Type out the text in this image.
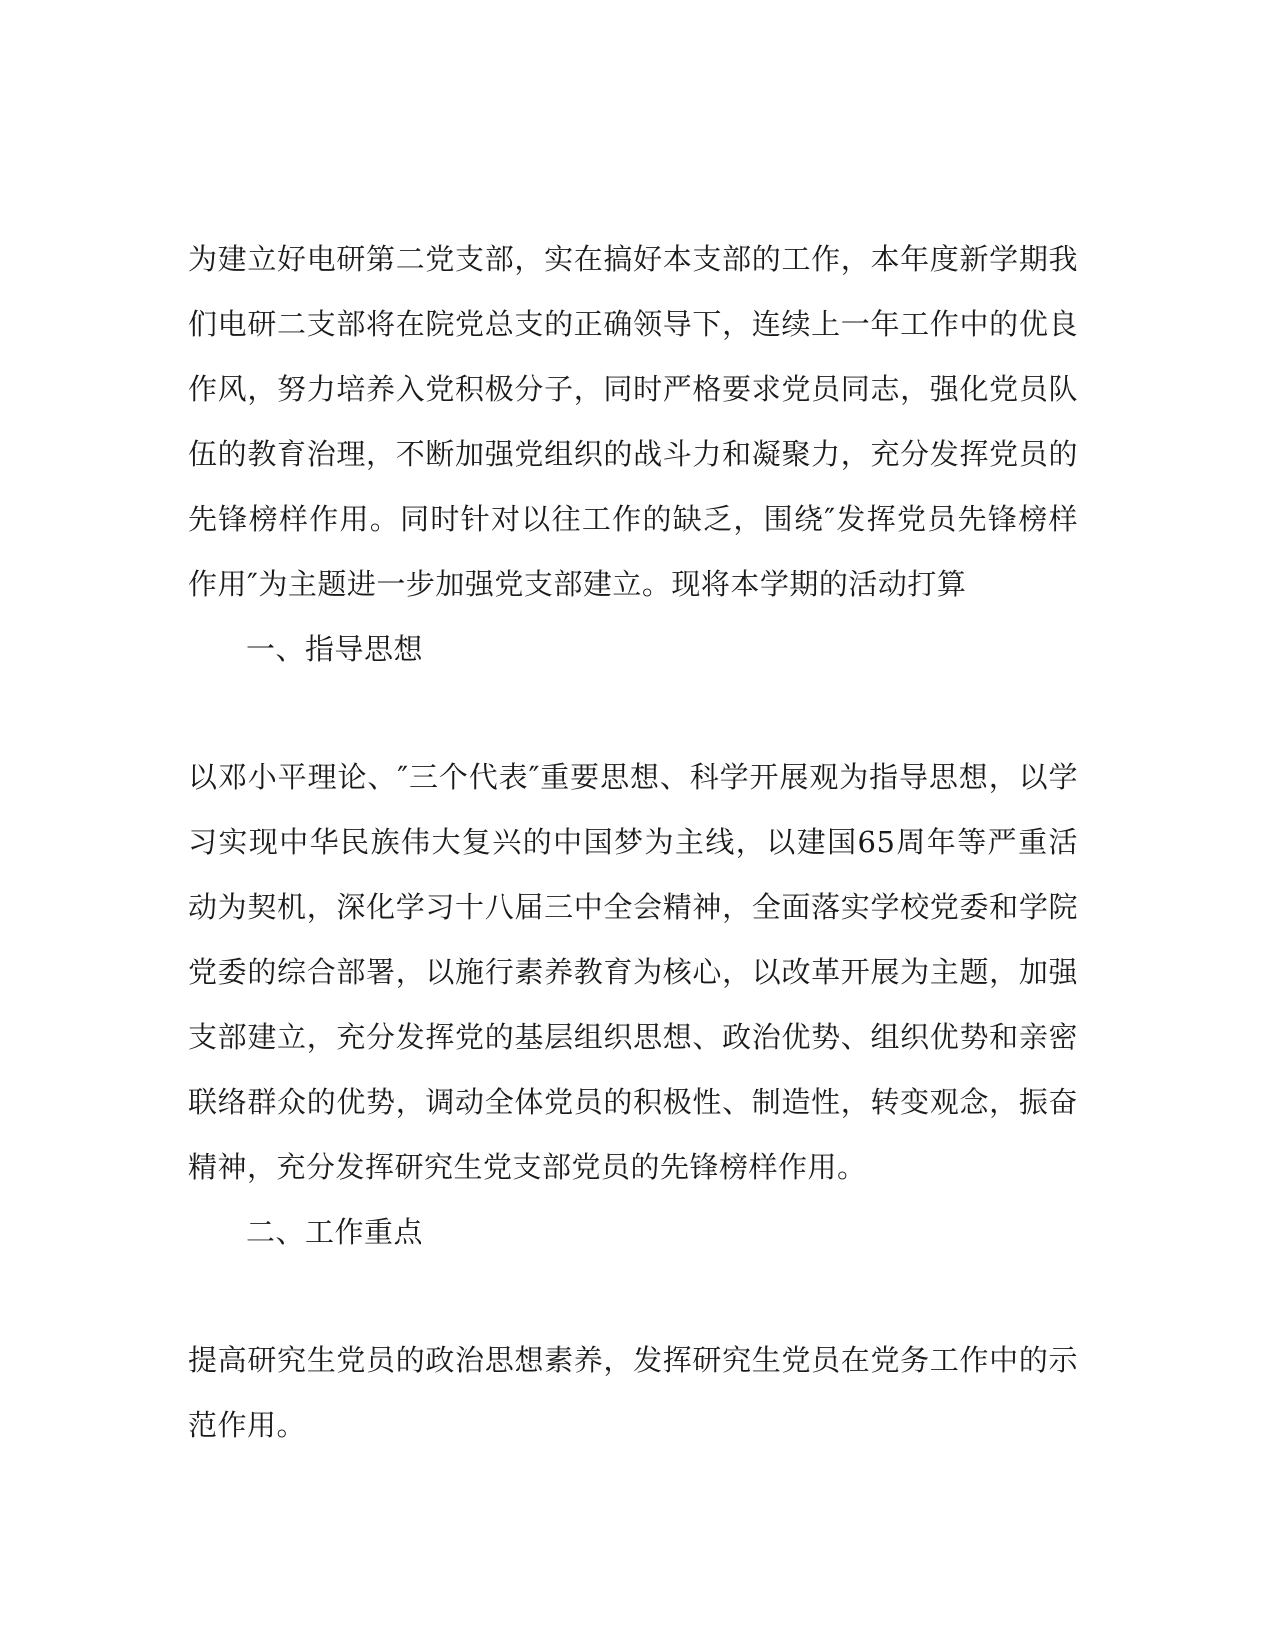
为建立好电研第二党支部，实在搞好本支部的工作，本年度新学期我们电研二支部将在院党总支的正确领导下，连续上一年工作中的优良作风，努力培养入党积极分子，同时严格要求党员同志，强化党员队伍的教育治理，不断加强党组织的战斗力和凝聚力，充分发挥党员的先锋榜样作用。同时针对以往工作的缺乏，围绕″发挥党员先锋榜样作用″为主题进一步加强党支部建立。现将本学期的活动打算

一、指导思想

以邓小平理论、″三个代表″重要思想、科学开展观为指导思想，以学习实现中华民族伟大复兴的中国梦为主线，以建国65周年等严重活动为契机，深化学习十八届三中全会精神，全面落实学校党委和学院党委的综合部署，以施行素养教育为核心，以改革开展为主题，加强支部建立，充分发挥党的基层组织思想、政治优势、组织优势和亲密联络群众的优势，调动全体党员的积极性、制造性，转变观念，振奋精神，充分发挥研究生党支部党员的先锋榜样作用。

二、工作重点

提高研究生党员的政治思想素养，发挥研究生党员在党务工作中的示范作用。
